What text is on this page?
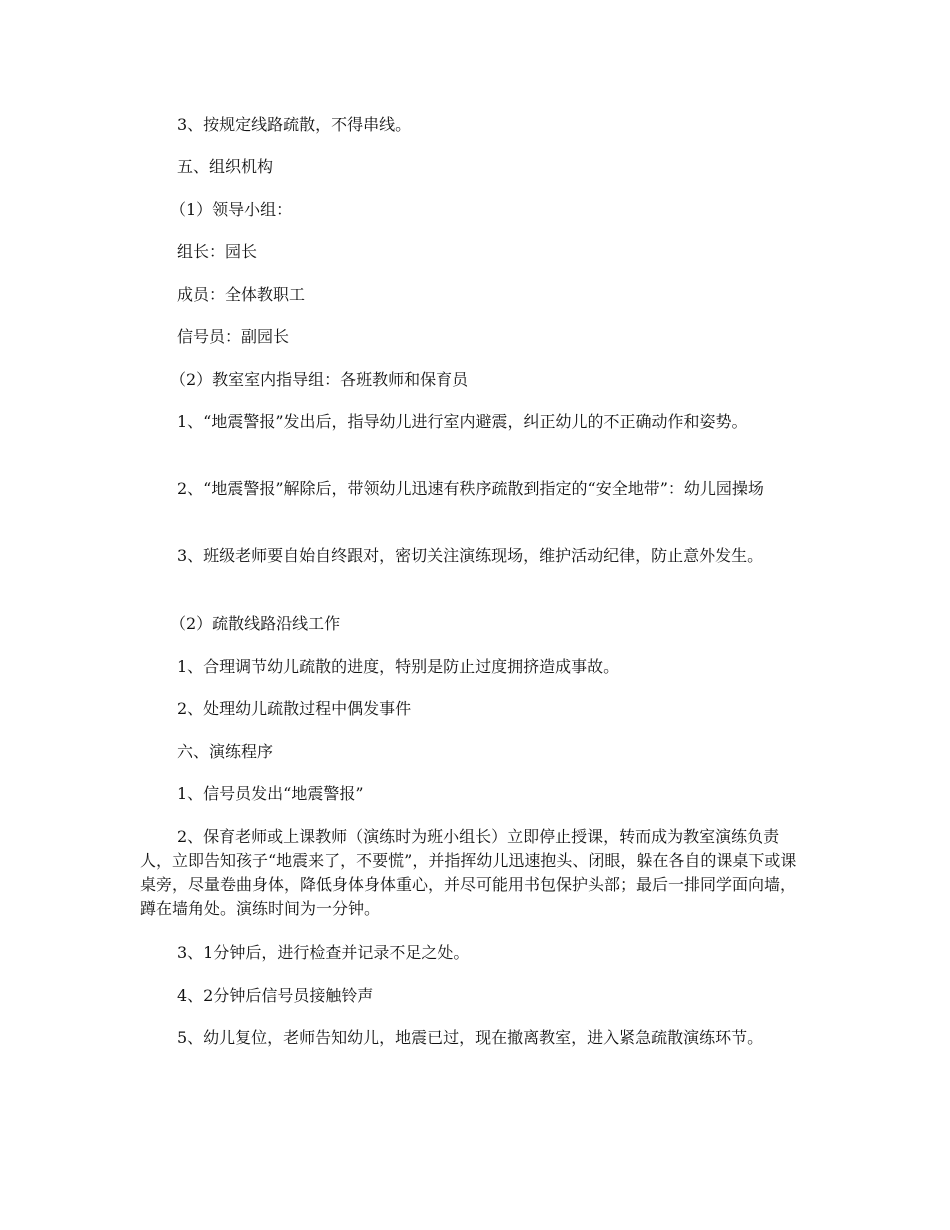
3、按规定线路疏散，不得串线。

五、组织机构

（1）领导小组：

组长：园长

成员：全体教职工

信号员：副园长

（2）教室室内指导组：各班教师和保育员

1、“地震警报”发出后，指导幼儿进行室内避震，纠正幼儿的不正确动作和姿势。

2、“地震警报”解除后，带领幼儿迅速有秩序疏散到指定的“安全地带”：幼儿园操场

3、班级老师要自始自终跟对，密切关注演练现场，维护活动纪律，防止意外发生。

（2）疏散线路沿线工作

1、合理调节幼儿疏散的进度，特别是防止过度拥挤造成事故。

2、处理幼儿疏散过程中偶发事件

六、演练程序

1、信号员发出“地震警报”

2、保育老师或上课教师（演练时为班小组长）立即停止授课，转而成为教室演练负责人，立即告知孩子“地震来了，不要慌”，并指挥幼儿迅速抱头、闭眼，躲在各自的课桌下或课桌旁，尽量卷曲身体，降低身体身体重心，并尽可能用书包保护头部；最后一排同学面向墙，蹲在墙角处。演练时间为一分钟。

3、1分钟后，进行检查并记录不足之处。

4、2分钟后信号员接触铃声

5、幼儿复位，老师告知幼儿，地震已过，现在撤离教室，进入紧急疏散演练环节。
